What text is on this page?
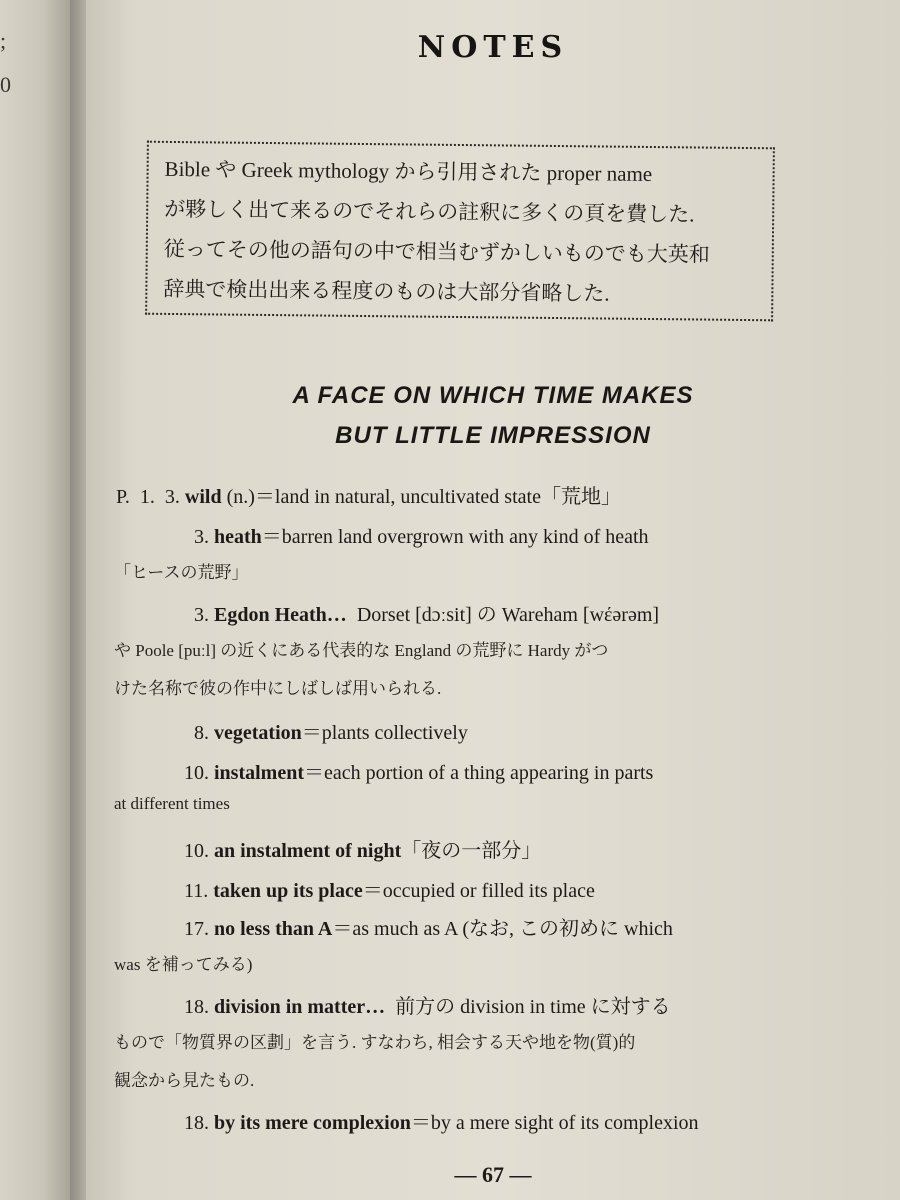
;
0
NOTES
Bible や Greek mythology から引用された proper name
が夥しく出て来るのでそれらの註釈に多くの頁を費した.
従ってその他の語句の中で相当むずかしいものでも大英和
辞典で検出出来る程度のものは大部分省略した.
A FACE ON WHICH TIME MAKES
BUT LITTLE IMPRESSION
P.  1.  3. wild (n.)＝land in natural, uncultivated state「荒地」
3. heath＝barren land overgrown with any kind of heath
「ヒースの荒野」
3. Egdon Heath…  Dorset [dɔːsit] の Wareham [wέərəm]
や Poole [puːl] の近くにある代表的な England の荒野に Hardy がつ
けた名称で彼の作中にしばしば用いられる.
8. vegetation＝plants collectively
10. instalment＝each portion of a thing appearing in parts
at different times
10. an instalment of night「夜の一部分」
11. taken up its place＝occupied or filled its place
17. no less than A＝as much as A (なお, この初めに which
was を補ってみる)
18. division in matter…  前方の division in time に対する
もので「物質界の区劃」を言う. すなわち, 相会する天や地を物(質)的
観念から見たもの.
18. by its mere complexion＝by a mere sight of its complexion
— 67 —
